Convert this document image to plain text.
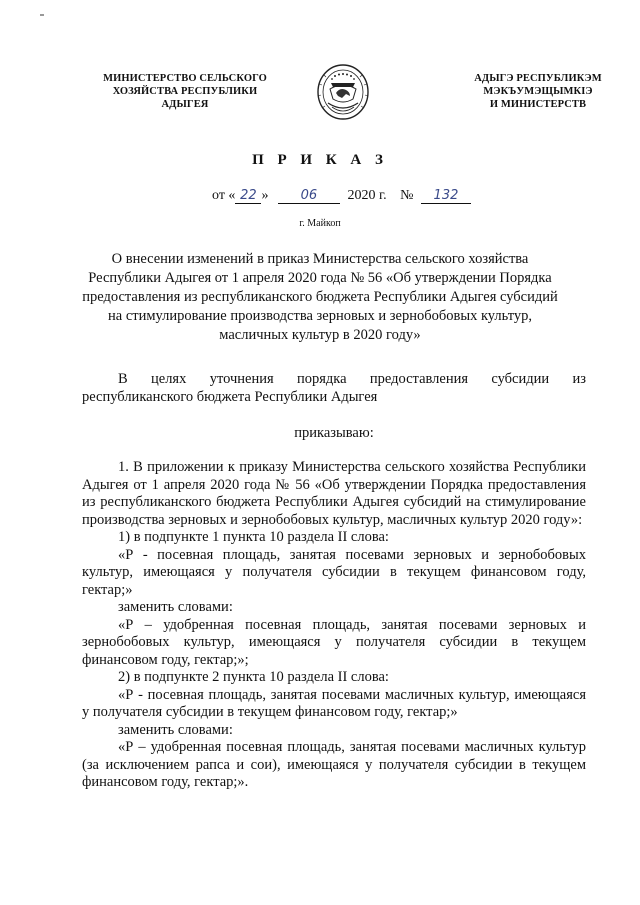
МИНИСТЕРСТВО СЕЛЬСКОГО
ХОЗЯЙСТВА РЕСПУБЛИКИ
АДЫГЕЯ
АДЫГЭ РЕСПУБЛИКЭМ
МЭКЪУМЭЩЫМКІЭ
И МИНИСТЕРСТВ
П Р И К А З
от « 22 » 06 2020 г. № 132
г. Майкоп
О внесении изменений в приказ Министерства сельского хозяйства Республики Адыгея от 1 апреля 2020 года № 56 «Об утверждении Порядка предоставления из республиканского бюджета Республики Адыгея субсидий на стимулирование производства зерновых и зернобобовых культур, масличных культур в 2020 году»
В целях уточнения порядка предоставления субсидии из
республиканского бюджета Республики Адыгея
приказываю:
1. В приложении к приказу Министерства сельского хозяйства Республики Адыгея от 1 апреля 2020 года № 56 «Об утверждении Порядка предоставления из республиканского бюджета Республики Адыгея субсидий на стимулирование производства зерновых и зернобобовых культур, масличных культур 2020 году»:
1) в подпункте 1 пункта 10 раздела II слова:
«Р - посевная площадь, занятая посевами зерновых и зернобобовых культур, имеющаяся у получателя субсидии в текущем финансовом году, гектар;»
заменить словами:
«Р – удобренная посевная площадь, занятая посевами зерновых и зернобобовых культур, имеющаяся у получателя субсидии в текущем финансовом году, гектар;»;
2) в подпункте 2 пункта 10 раздела II слова:
«Р - посевная площадь, занятая посевами масличных культур, имеющаяся у получателя субсидии в текущем финансовом году, гектар;»
заменить словами:
«Р – удобренная посевная площадь, занятая посевами масличных культур (за исключением рапса и сои), имеющаяся у получателя субсидии в текущем финансовом году, гектар;».
